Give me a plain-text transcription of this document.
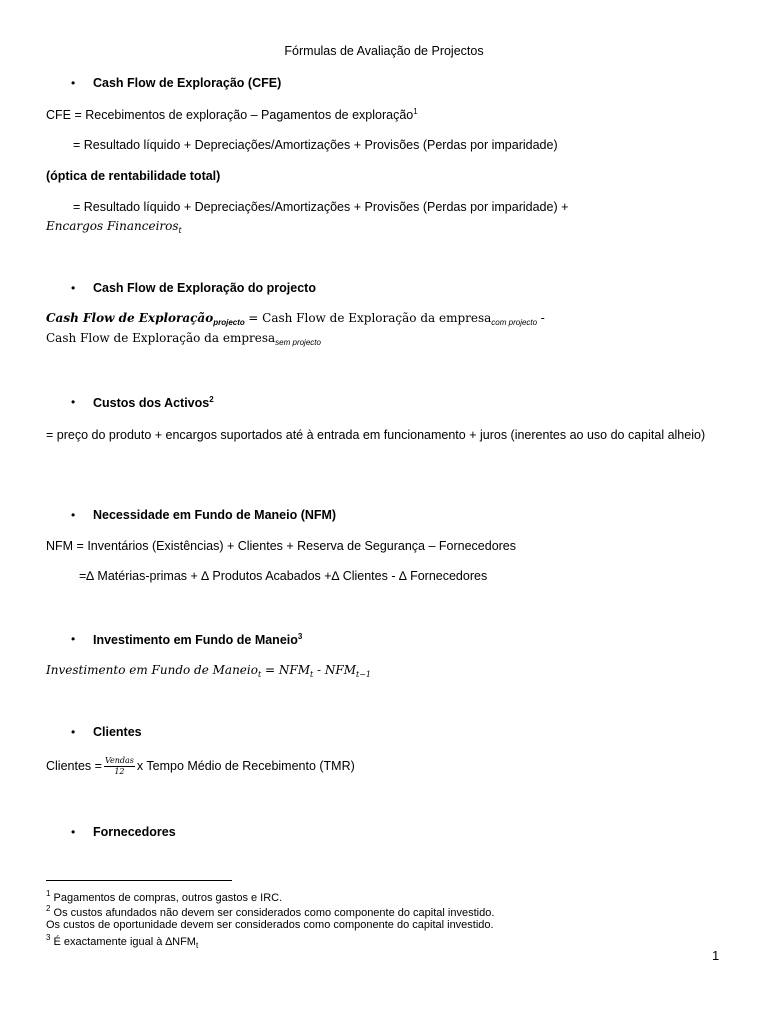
Fórmulas de Avaliação de Projectos
• Cash Flow de Exploração (CFE)
CFE = Recebimentos de exploração – Pagamentos de exploração$^1$
= Resultado líquido + Depreciações/Amortizações + Provisões (Perdas por imparidade)
(óptica de rentabilidade total)
= Resultado líquido + Depreciações/Amortizações + Provisões (Perdas por imparidade) +
Encargos Financeiros$_t$
• Cash Flow de Exploração do projecto
Cash Flow de Exploração$_{projecto}$ = Cash Flow de Exploração da empresa$_{com projecto}$ -
Cash Flow de Exploração da empresa$_{sem projecto}$
• Custos dos Activos$^2$
= preço do produto + encargos suportados até à entrada em funcionamento + juros (inerentes ao uso do capital alheio)
• Necessidade em Fundo de Maneio (NFM)
NFM = Inventários (Existências) + Clientes + Reserva de Segurança – Fornecedores
=∆ Matérias-primas + ∆ Produtos Acabados +∆ Clientes - ∆ Fornecedores
• Investimento em Fundo de Maneio$^3$
Investimento em Fundo de Maneio$_t$ = $NFM_t - NFM_{t-1}$
• Clientes
Clientes = $\frac{\text{Vendas}}{12}$ x Tempo Médio de Recebimento (TMR)
• Fornecedores
$^1$ Pagamentos de compras, outros gastos e IRC.
$^2$ Os custos afundados não devem ser considerados como componente do capital investido.
Os custos de oportunidade devem ser considerados como componente do capital investido.
$^3$ É exactamente igual à $\Delta NFM_t$
1
